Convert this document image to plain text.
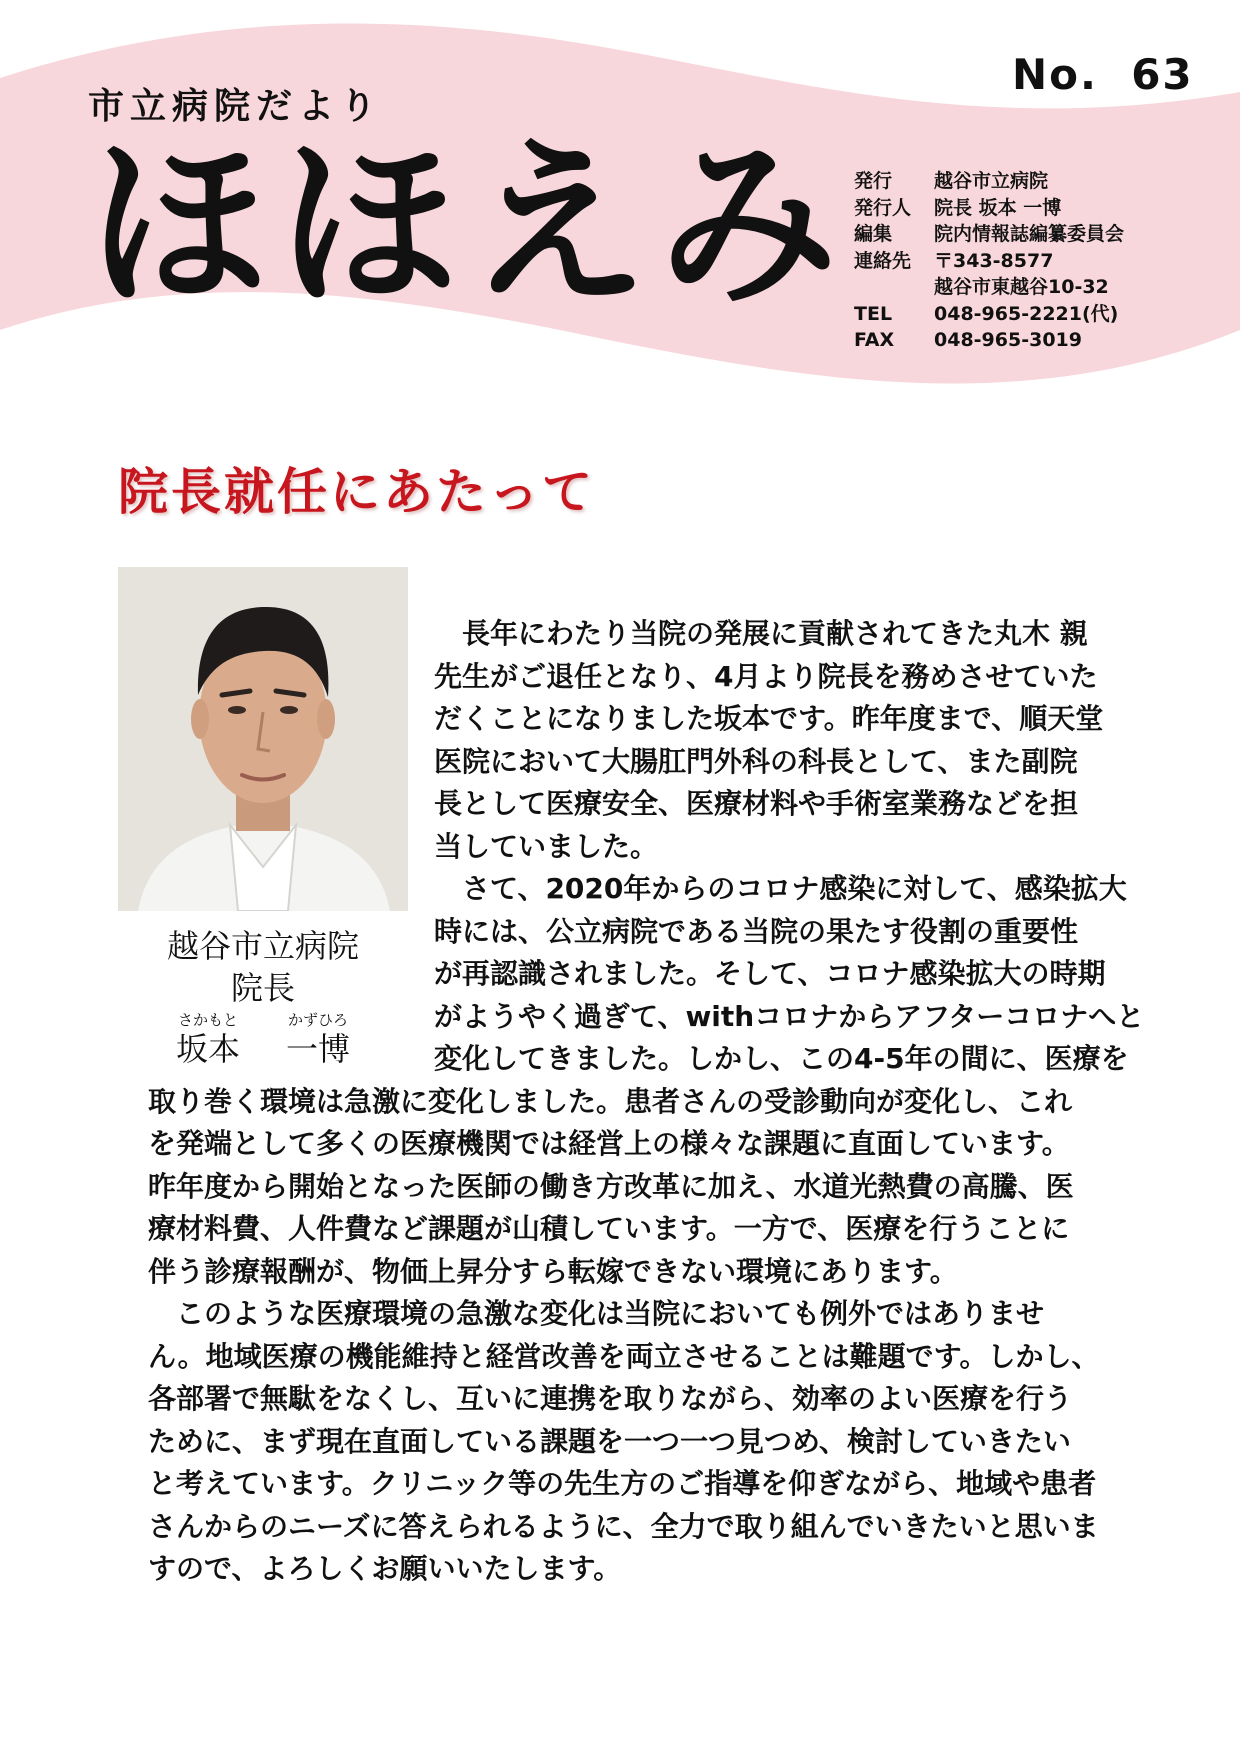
市立病院だより
No.  63
ほほえみ 発行	越谷市立病院
発行人	院長 坂本 一博
編集	院内情報誌編纂委員会
連絡先	〒343-8577
越谷市東越谷10-32
TEL	048-965-2221(代)
FAX	048-965-3019
院長就任にあたって
越谷市立病院
院長
さかもと	かずひろ
坂本 一博
　長年にわたり当院の発展に貢献されてきた丸木 親
先生がご退任となり、4月より院長を務めさせていた
だくことになりました坂本です。昨年度まで、順天堂
医院において大腸肛門外科の科長として、また副院
長として医療安全、医療材料や手術室業務などを担
当していました。
　さて、2020年からのコロナ感染に対して、感染拡大
時には、公立病院である当院の果たす役割の重要性
が再認識されました。そして、コロナ感染拡大の時期
がようやく過ぎて、withコロナからアフターコロナへと
変化してきました。しかし、この4-5年の間に、医療を
取り巻く環境は急激に変化しました。患者さんの受診動向が変化し、これ
を発端として多くの医療機関では経営上の様々な課題に直面しています。
昨年度から開始となった医師の働き方改革に加え、水道光熱費の高騰、医
療材料費、人件費など課題が山積しています。一方で、医療を行うことに
伴う診療報酬が、物価上昇分すら転嫁できない環境にあります。
　このような医療環境の急激な変化は当院においても例外ではありませ
ん。地域医療の機能維持と経営改善を両立させることは難題です。しかし、
各部署で無駄をなくし、互いに連携を取りながら、効率のよい医療を行う
ために、まず現在直面している課題を一つ一つ見つめ、検討していきたい
と考えています。クリニック等の先生方のご指導を仰ぎながら、地域や患者
さんからのニーズに答えられるように、全力で取り組んでいきたいと思いま
すので、よろしくお願いいたします。
